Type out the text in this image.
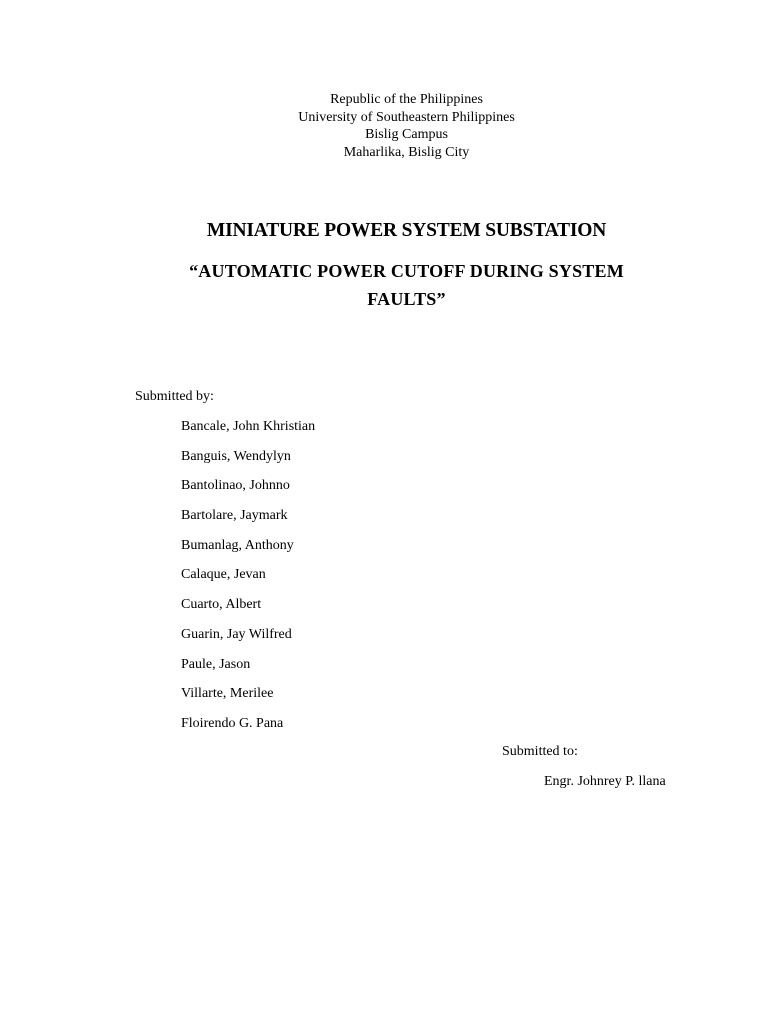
Republic of the Philippines
University of Southeastern Philippines
Bislig Campus
Maharlika, Bislig City
MINIATURE POWER SYSTEM SUBSTATION
“AUTOMATIC POWER CUTOFF DURING SYSTEM
FAULTS”
Submitted by:
Bancale, John Khristian
Banguis, Wendylyn
Bantolinao, Johnno
Bartolare, Jaymark
Bumanlag, Anthony
Calaque, Jevan
Cuarto, Albert
Guarin, Jay Wilfred
Paule, Jason
Villarte, Merilee
Floirendo G. Pana
Submitted to:
Engr. Johnrey P. llana
